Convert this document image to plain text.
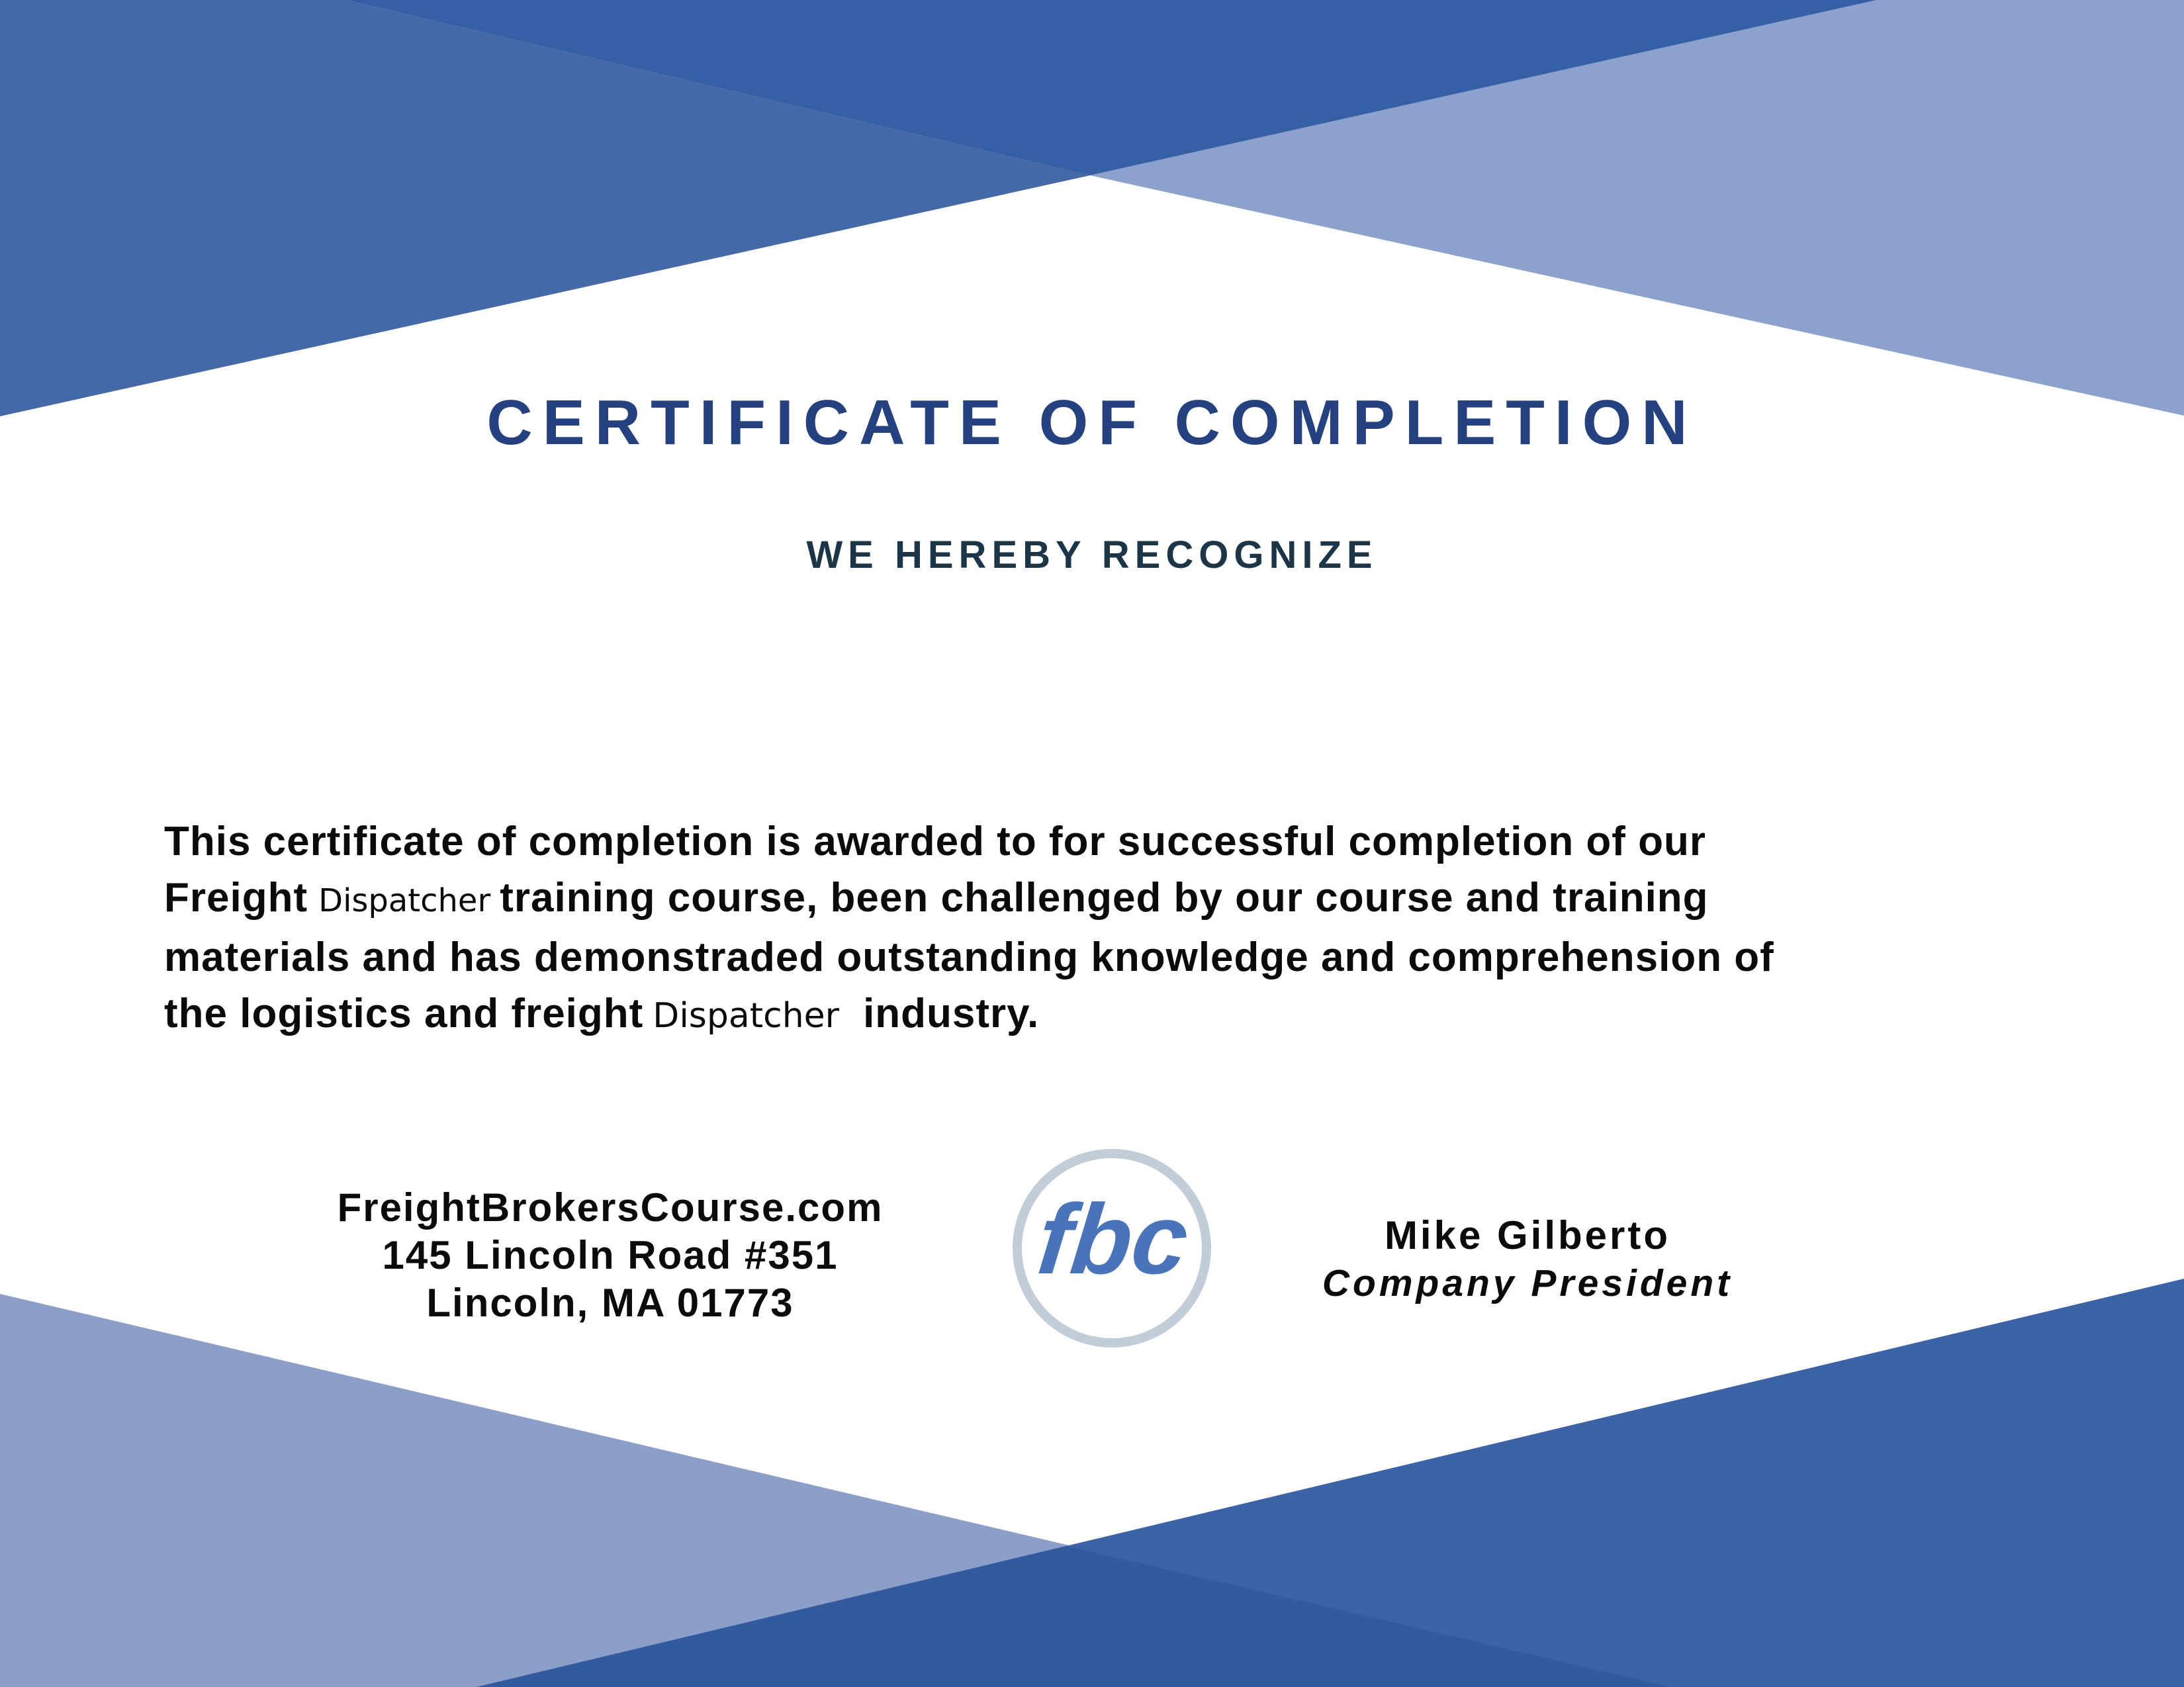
CERTIFICATE OF COMPLETION
WE HEREBY RECOGNIZE
This certificate of completion is awarded to for successful completion of our
Freight Dispatcher training course, been challenged by our course and training
materials and has demonstraded outstanding knowledge and comprehension of
the logistics and freight Dispatcher industry.
FreightBrokersCourse.com
145 Lincoln Road #351
Lincoln, MA 01773
fbc	Mike Gilberto
Company President
